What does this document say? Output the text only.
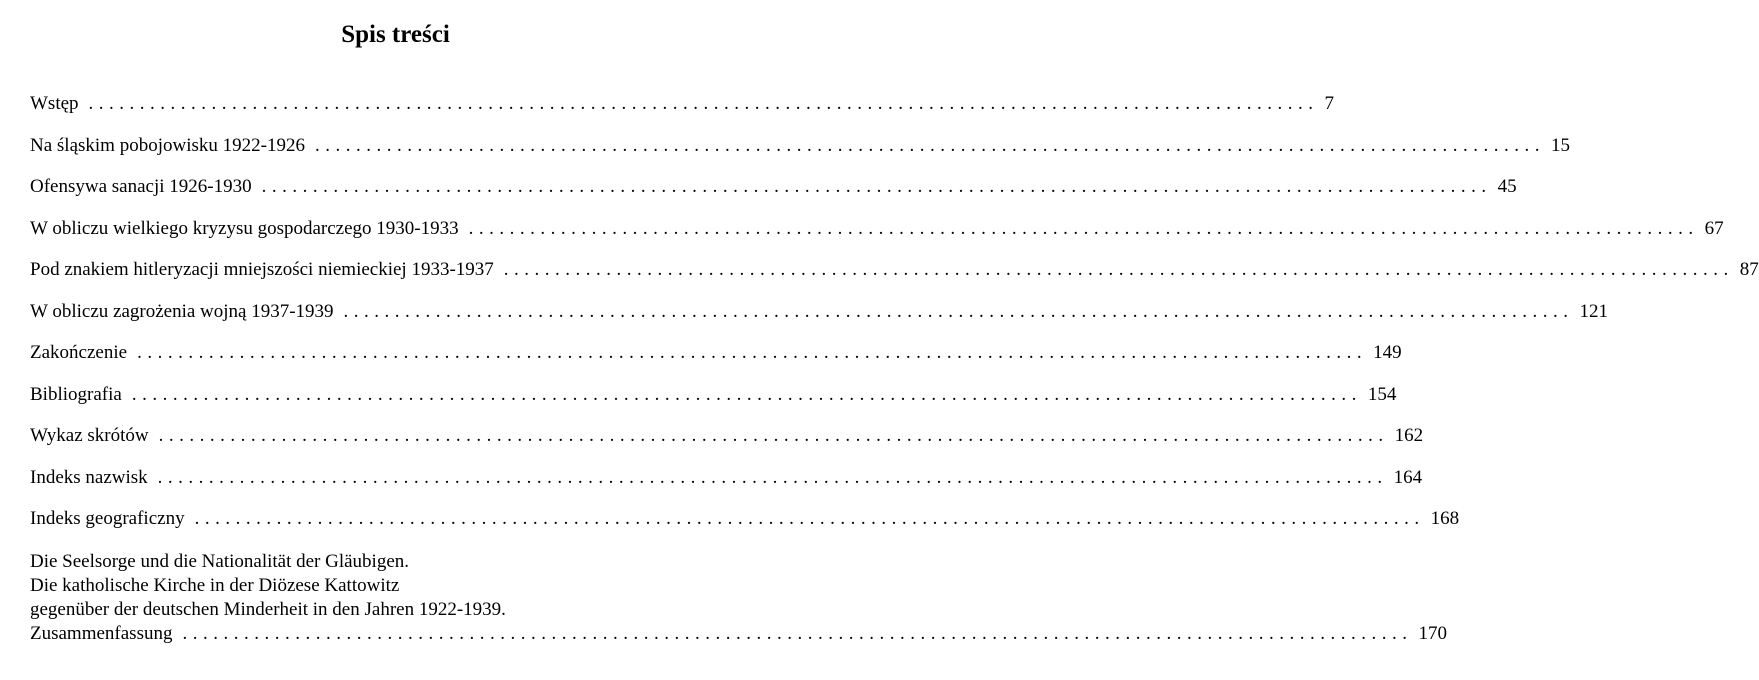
Spis treści
Wstęp ........................................................................................................................ 7
Na śląskim pobojowisku 1922-1926 ........................................................................................................................ 15
Ofensywa sanacji 1926-1930 ........................................................................................................................ 45
W obliczu wielkiego kryzysu gospodarczego 1930-1933 ........................................................................................................................ 67
Pod znakiem hitleryzacji mniejszości niemieckiej 1933-1937 ........................................................................................................................ 87
W obliczu zagrożenia wojną 1937-1939 ........................................................................................................................ 121
Zakończenie ........................................................................................................................ 149
Bibliografia ........................................................................................................................ 154
Wykaz skrótów ........................................................................................................................ 162
Indeks nazwisk ........................................................................................................................ 164
Indeks geograficzny ........................................................................................................................ 168
Die Seelsorge und die Nationalität der Gläubigen.
Die katholische Kirche in der Diözese Kattowitz
gegenüber der deutschen Minderheit in den Jahren 1922-1939.
Zusammenfassung ........................................................................................................................ 170
